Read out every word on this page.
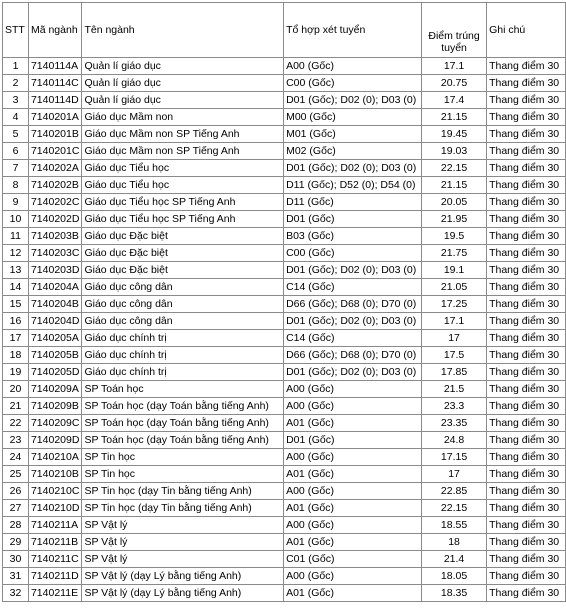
STT	Mã ngành	Tên ngành	Tổ hợp xét tuyển	Điểm trúng tuyển	Ghi chú
1	7140114A	Quản lí giáo dục	A00 (Gốc)	17.1	Thang điểm 30
2	7140114C	Quản lí giáo dục	C00 (Gốc)	20.75	Thang điểm 30
3	7140114D	Quản lí giáo dục	D01 (Gốc); D02 (0); D03 (0)	17.4	Thang điểm 30
4	7140201A	Giáo dục Mầm non	M00 (Gốc)	21.15	Thang điểm 30
5	7140201B	Giáo dục Mầm non SP Tiếng Anh	M01 (Gốc)	19.45	Thang điểm 30
6	7140201C	Giáo dục Mầm non SP Tiếng Anh	M02 (Gốc)	19.03	Thang điểm 30
7	7140202A	Giáo dục Tiểu học	D01 (Gốc); D02 (0); D03 (0)	22.15	Thang điểm 30
8	7140202B	Giáo dục Tiểu học	D11 (Gốc); D52 (0); D54 (0)	21.15	Thang điểm 30
9	7140202C	Giáo dục Tiểu học SP Tiếng Anh	D11 (Gốc)	20.05	Thang điểm 30
10	7140202D	Giáo dục Tiểu học SP Tiếng Anh	D01 (Gốc)	21.95	Thang điểm 30
11	7140203B	Giáo dục Đặc biệt	B03 (Gốc)	19.5	Thang điểm 30
12	7140203C	Giáo dục Đặc biệt	C00 (Gốc)	21.75	Thang điểm 30
13	7140203D	Giáo dục Đặc biệt	D01 (Gốc); D02 (0); D03 (0)	19.1	Thang điểm 30
14	7140204A	Giáo dục công dân	C14 (Gốc)	21.05	Thang điểm 30
15	7140204B	Giáo dục công dân	D66 (Gốc); D68 (0); D70 (0)	17.25	Thang điểm 30
16	7140204D	Giáo dục công dân	D01 (Gốc); D02 (0); D03 (0)	17.1	Thang điểm 30
17	7140205A	Giáo dục chính trị	C14 (Gốc)	17	Thang điểm 30
18	7140205B	Giáo dục chính trị	D66 (Gốc); D68 (0); D70 (0)	17.5	Thang điểm 30
19	7140205D	Giáo dục chính trị	D01 (Gốc); D02 (0); D03 (0)	17.85	Thang điểm 30
20	7140209A	SP Toán học	A00 (Gốc)	21.5	Thang điểm 30
21	7140209B	SP Toán học (dạy Toán bằng tiếng Anh)	A00 (Gốc)	23.3	Thang điểm 30
22	7140209C	SP Toán học (dạy Toán bằng tiếng Anh)	A01 (Gốc)	23.35	Thang điểm 30
23	7140209D	SP Toán học (dạy Toán bằng tiếng Anh)	D01 (Gốc)	24.8	Thang điểm 30
24	7140210A	SP Tin học	A00 (Gốc)	17.15	Thang điểm 30
25	7140210B	SP Tin học	A01 (Gốc)	17	Thang điểm 30
26	7140210C	SP Tin học (dạy Tin bằng tiếng Anh)	A00 (Gốc)	22.85	Thang điểm 30
27	7140210D	SP Tin học (dạy Tin bằng tiếng Anh)	A01 (Gốc)	22.15	Thang điểm 30
28	7140211A	SP Vật lý	A00 (Gốc)	18.55	Thang điểm 30
29	7140211B	SP Vật lý	A01 (Gốc)	18	Thang điểm 30
30	7140211C	SP Vật lý	C01 (Gốc)	21.4	Thang điểm 30
31	7140211D	SP Vật lý (dạy Lý bằng tiếng Anh)	A00 (Gốc)	18.05	Thang điểm 30
32	7140211E	SP Vật lý (dạy Lý bằng tiếng Anh)	A01 (Gốc)	18.35	Thang điểm 30
